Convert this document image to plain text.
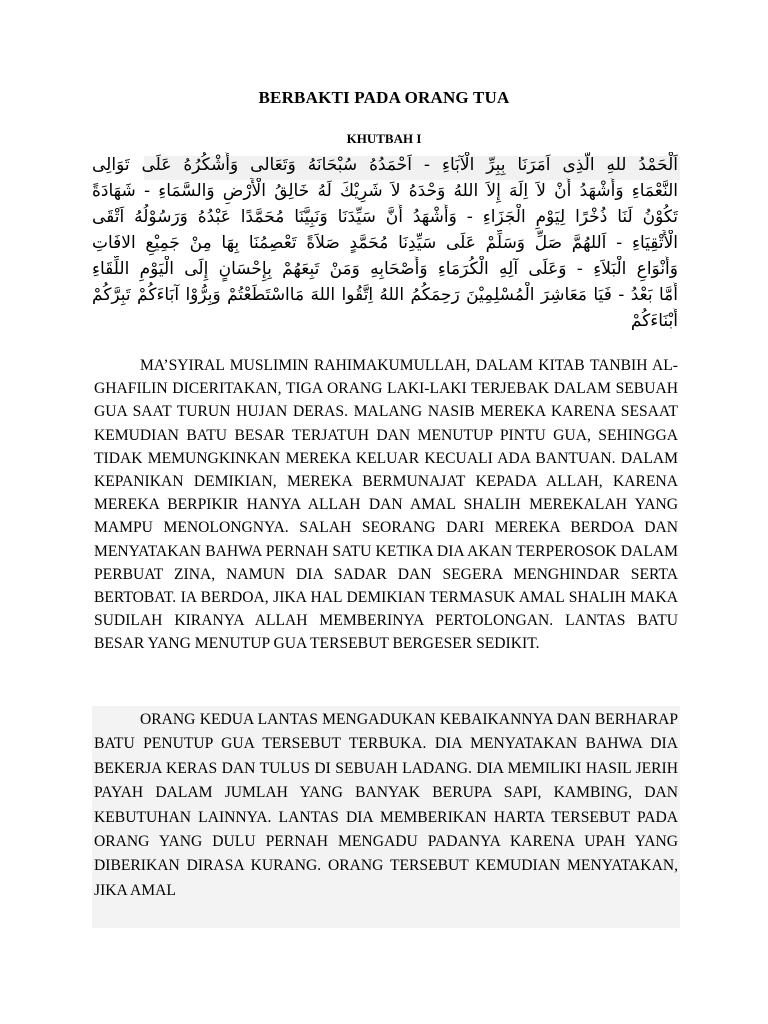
BERBAKTI PADA ORANG TUA
KHUTBAH I
اَلْحَمْدُ للهِ الَّذِى اَمَرَنَا بِبِرِّ الْآبَاءِ - اَحْمَدُهُ سُبْحَانَهُ وَتَعَالى وَأَشْكُرُهُ عَلَى تَوَالِى
النَّعْمَاءِ وَأَشْهَدُ أَنْ لاَ اِلَهَ إِلاَ اللهُ وَحْدَهُ لاَ شَرِيْكَ لَهُ خَالِقُ الْأَرْضِ وَالسَّمَاءِ - شَهَادَةً
تَكُوْنُ لَنَا ذُخْرًا لِيَوْمِ الْجَزَاءِ - وَأَشْهَدُ أَنَّ سَيِّدَنَا وَنَبِيَّنَا مُحَمَّدًا عَبْدُهُ وَرَسُوْلُهُ اَتْقَى
الْأَتْقِيَاءِ - اَللهُمَّ صَلِّ وَسَلِّمْ عَلَى سَيِّدِنَا مُحَمَّدٍ صَلاَةً تَعْصِمُنَا بِهَا مِنْ جَمِيْعِ الافَاتِ
وَأَنْوَاعِ الْبَلاَءِ - وَعَلَى آلِهِ الْكُرَمَاءِ وَأَصْحَابِهِ وَمَنْ تَبِعَهُمْ بِإِحْسَانٍ إِلَى الْيَوْمِ اللِّقَاءِ
أَمَّا بَعْدُ - فَيَا مَعَاشِرَ الْمُسْلِمِيْنَ رَحِمَكُمُ اللهُ اِتَّقُوا اللهَ مَااسْتَطَعْتُمْ وَبِرُّوْا آبَاءَكُمْ تَبِرَّكُمْ
أَبْنَاءَكُمْ

MA’SYIRAL MUSLIMIN RAHIMAKUMULLAH, DALAM KITAB TANBIH AL-GHAFILIN DICERITAKAN, TIGA ORANG LAKI-LAKI TERJEBAK DALAM SEBUAH GUA SAAT TURUN HUJAN DERAS. MALANG NASIB MEREKA KARENA SESAAT KEMUDIAN BATU BESAR TERJATUH DAN MENUTUP PINTU GUA, SEHINGGA TIDAK MEMUNGKINKAN MEREKA KELUAR KECUALI ADA BANTUAN. DALAM KEPANIKAN DEMIKIAN, MEREKA BERMUNAJAT KEPADA ALLAH, KARENA MEREKA BERPIKIR HANYA ALLAH DAN AMAL SHALIH MEREKALAH YANG MAMPU MENOLONGNYA. SALAH SEORANG DARI MEREKA BERDOA DAN MENYATAKAN BAHWA PERNAH SATU KETIKA DIA AKAN TERPEROSOK DALAM PERBUAT ZINA, NAMUN DIA SADAR DAN SEGERA MENGHINDAR SERTA BERTOBAT. IA BERDOA, JIKA HAL DEMIKIAN TERMASUK AMAL SHALIH MAKA SUDILAH KIRANYA ALLAH MEMBERINYA PERTOLONGAN. LANTAS BATU BESAR YANG MENUTUP GUA TERSEBUT BERGESER SEDIKIT.

ORANG KEDUA LANTAS MENGADUKAN KEBAIKANNYA DAN BERHARAP BATU PENUTUP GUA TERSEBUT TERBUKA. DIA MENYATAKAN BAHWA DIA BEKERJA KERAS DAN TULUS DI SEBUAH LADANG. DIA MEMILIKI HASIL JERIH PAYAH DALAM JUMLAH YANG BANYAK BERUPA SAPI, KAMBING, DAN KEBUTUHAN LAINNYA. LANTAS DIA MEMBERIKAN HARTA TERSEBUT PADA ORANG YANG DULU PERNAH MENGADU PADANYA KARENA UPAH YANG DIBERIKAN DIRASA KURANG. ORANG TERSEBUT KEMUDIAN MENYATAKAN, JIKA AMAL
